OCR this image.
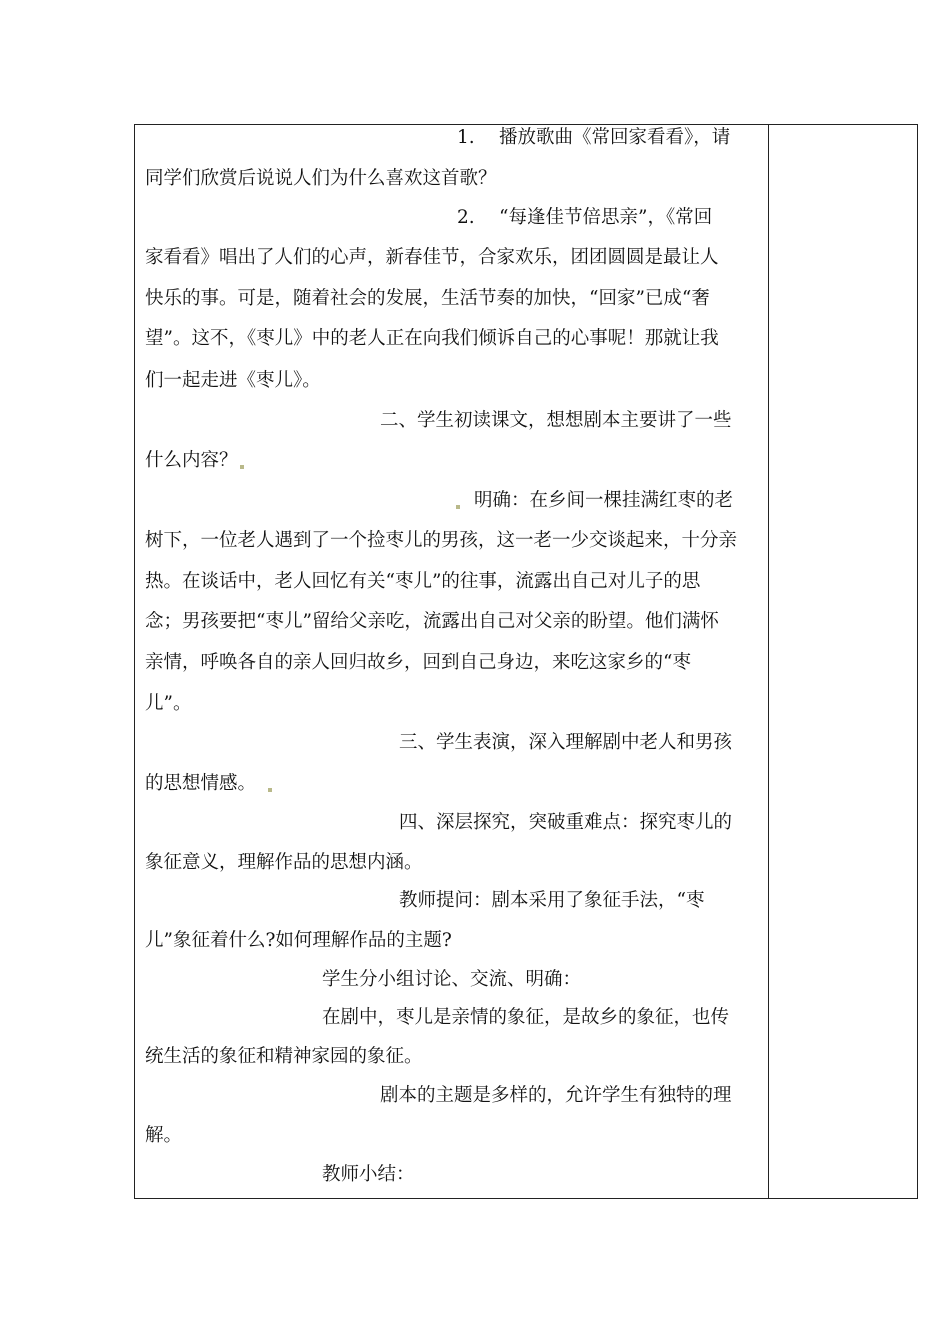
1.　 播放歌曲《常回家看看》，请
同学们欣赏后说说人们为什么喜欢这首歌？
2.　 “每逢佳节倍思亲”，《常回
家看看》唱出了人们的心声，新春佳节，合家欢乐，团团圆圆是最让人
快乐的事。可是，随着社会的发展，生活节奏的加快，“回家”已成“奢
望”。这不，《枣儿》中的老人正在向我们倾诉自己的心事呢！那就让我
们一起走进《枣儿》。
二、学生初读课文，想想剧本主要讲了一些
什么内容？
明确：在乡间一棵挂满红枣的老
树下，一位老人遇到了一个捡枣儿的男孩，这一老一少交谈起来，十分亲
热。在谈话中，老人回忆有关“枣儿”的往事，流露出自己对儿子的思
念；男孩要把“枣儿”留给父亲吃，流露出自己对父亲的盼望。他们满怀
亲情，呼唤各自的亲人回归故乡，回到自己身边，来吃这家乡的“枣
儿”。
三、学生表演，深入理解剧中老人和男孩
的思想情感。
四、深层探究，突破重难点：探究枣儿的
象征意义，理解作品的思想内涵。
教师提问：剧本采用了象征手法，“枣
儿”象征着什么?如何理解作品的主题?
学生分小组讨论、交流、明确：
在剧中，枣儿是亲情的象征，是故乡的象征，也传
统生活的象征和精神家园的象征。
剧本的主题是多样的，允许学生有独特的理
解。
教师小结：
